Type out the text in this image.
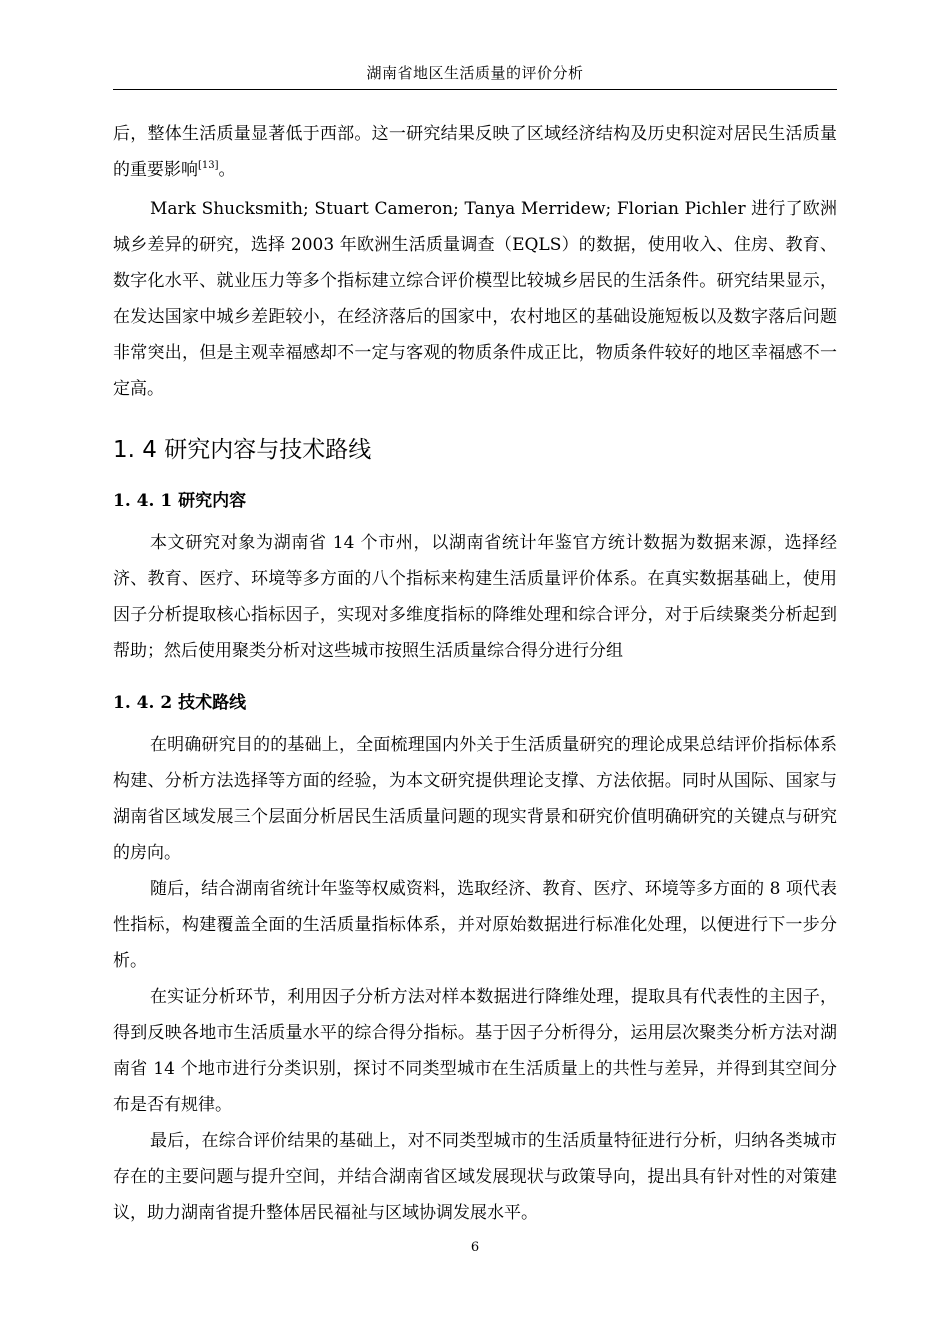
湖南省地区生活质量的评价分析

后，整体生活质量显著低于西部。这一研究结果反映了区域经济结构及历史积淀对居民生活质量的重要影响[13]。

Mark Shucksmith; Stuart Cameron; Tanya Merridew; Florian Pichler 进行了欧洲城乡差异的研究，选择 2003 年欧洲生活质量调查（EQLS）的数据，使用收入、住房、教育、数字化水平、就业压力等多个指标建立综合评价模型比较城乡居民的生活条件。研究结果显示，在发达国家中城乡差距较小，在经济落后的国家中，农村地区的基础设施短板以及数字落后问题非常突出，但是主观幸福感却不一定与客观的物质条件成正比，物质条件较好的地区幸福感不一定高。

1. 4 研究内容与技术路线
1. 4. 1 研究内容

本文研究对象为湖南省 14 个市州，以湖南省统计年鉴官方统计数据为数据来源，选择经济、教育、医疗、环境等多方面的八个指标来构建生活质量评价体系。在真实数据基础上，使用因子分析提取核心指标因子，实现对多维度指标的降维处理和综合评分，对于后续聚类分析起到帮助；然后使用聚类分析对这些城市按照生活质量综合得分进行分组

1. 4. 2 技术路线

在明确研究目的的基础上，全面梳理国内外关于生活质量研究的理论成果总结评价指标体系构建、分析方法选择等方面的经验，为本文研究提供理论支撑、方法依据。同时从国际、国家与湖南省区域发展三个层面分析居民生活质量问题的现实背景和研究价值明确研究的关键点与研究的房向。

随后，结合湖南省统计年鉴等权威资料，选取经济、教育、医疗、环境等多方面的 8 项代表性指标，构建覆盖全面的生活质量指标体系，并对原始数据进行标准化处理，以便进行下一步分析。

在实证分析环节，利用因子分析方法对样本数据进行降维处理，提取具有代表性的主因子，得到反映各地市生活质量水平的综合得分指标。基于因子分析得分，运用层次聚类分析方法对湖南省 14 个地市进行分类识别，探讨不同类型城市在生活质量上的共性与差异，并得到其空间分布是否有规律。

最后，在综合评价结果的基础上，对不同类型城市的生活质量特征进行分析，归纳各类城市存在的主要问题与提升空间，并结合湖南省区域发展现状与政策导向，提出具有针对性的对策建议，助力湖南省提升整体居民福祉与区域协调发展水平。

6
